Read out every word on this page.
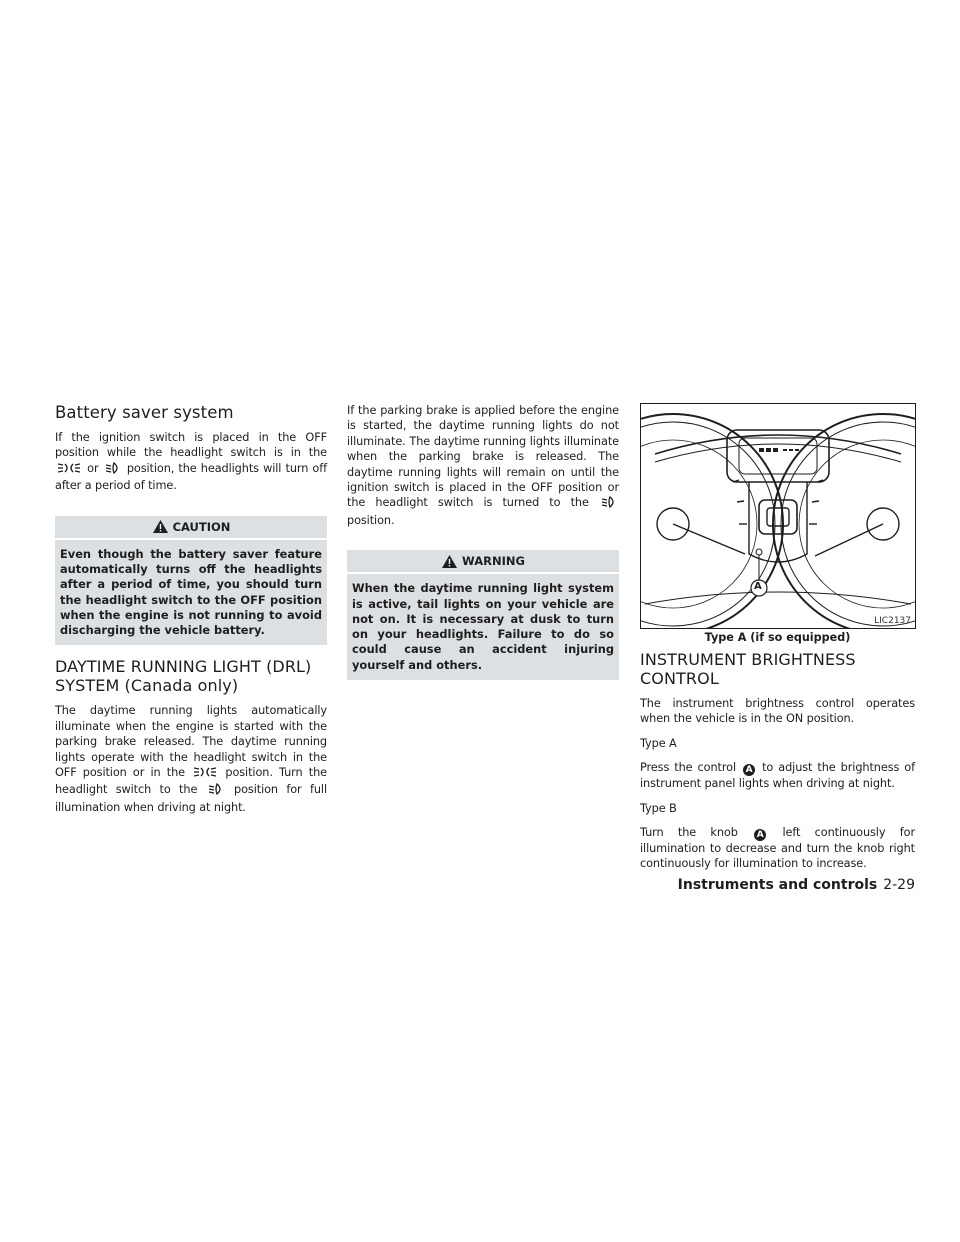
Battery saver system

If the ignition switch is placed in the OFF position while the headlight switch is in the  or	position, the headlights will turn off after a period of time.

CAUTION
Even though the battery saver feature automatically turns off the headlights after a period of time, you should turn the headlight switch to the OFF position when the engine is not running to avoid discharging the vehicle battery.
DAYTIME RUNNING LIGHT (DRL) SYSTEM (Canada only)

The daytime running lights automatically illuminate when the engine is started with the parking brake released. The daytime running lights operate with the headlight switch in the OFF position or in the	position. Turn the headlight switch to the	position for full illumination when driving at night.

If the parking brake is applied before the engine is started, the daytime running lights do not illuminate. The daytime running lights illuminate when the parking brake is released. The daytime running lights will remain on until the ignition switch is placed in the OFF position or the headlight switch is turned to the  position.

WARNING
When the daytime running light system is active, tail lights on your vehicle are not on. It is necessary at dusk to turn on your headlights. Failure to do so could cause an accident injuring yourself and others.
A
LIC2137
Type A (if so equipped)
INSTRUMENT BRIGHTNESS CONTROL

The instrument brightness control operates when the vehicle is in the ON position.

Type A

Press the control A to adjust the brightness of instrument panel lights when driving at night.

Type B

Turn the knob A left continuously for illumination to decrease and turn the knob right continuously for illumination to increase.

Instruments and controls 2-29
